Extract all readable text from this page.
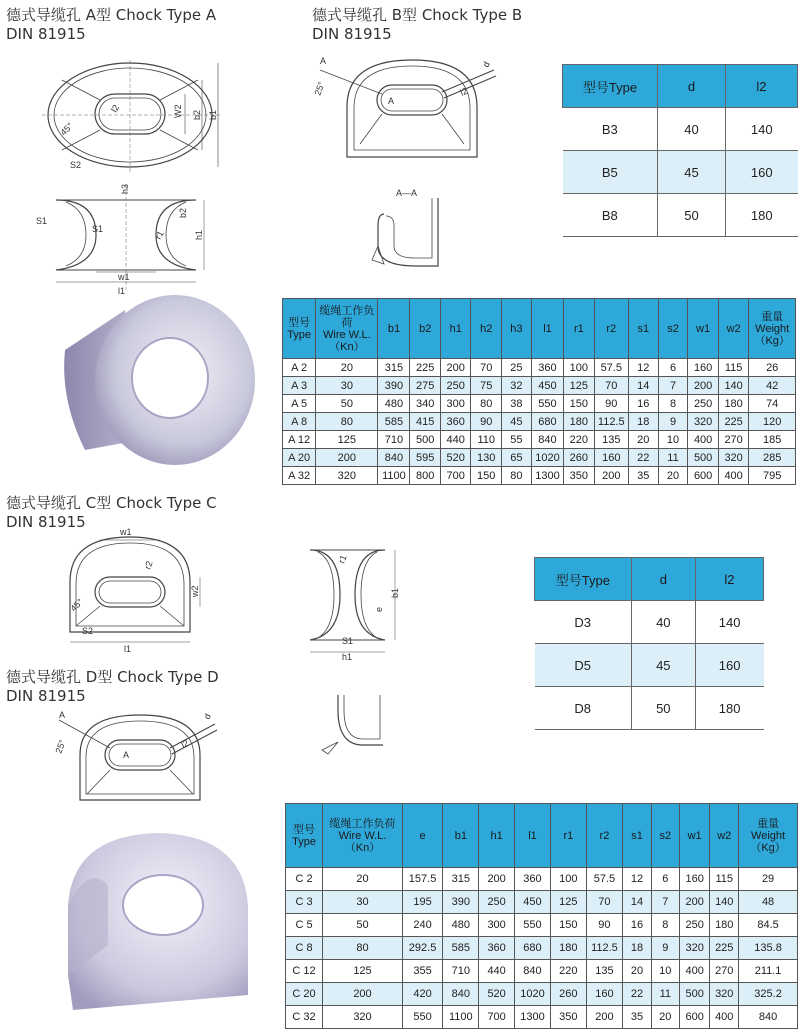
德式导缆孔 A型 Chock Type A
DIN 81915
德式导缆孔 B型 Chock Type B
DIN 81915
德式导缆孔 C型 Chock Type C
DIN 81915
德式导缆孔 D型 Chock Type D
DIN 81915
l2	W2 b2 b1
45°
S2
h3
b2
S1
S1
r1	h1
w1
l1
A
25°
A
l2
d
A—A
w1
r2
45°
w2
S2
l1
r1
e
b1
S1
h1
A
25°
A
l2
d
型号Type	d	l2
B3	40	140
B5	45	160
B8	50	180
型号Type	d	l2
D3	40	140
D5	45	160
D8	50	180
型号
Type	缆绳工作负荷
Wire W.L.
（Kn）	b1	b2	h1	h2	h3	l1	r1	r2	s1	s2	w1	w2	重量
Weight
（Kg）
A 2	20	315	225	200	70	25	360	100	57.5	12	6	160	115	26
A 3	30	390	275	250	75	32	450	125	70	14	7	200	140	42
A 5	50	480	340	300	80	38	550	150	90	16	8	250	180	74
A 8	80	585	415	360	90	45	680	180	112.5	18	9	320	225	120
A 12	125	710	500	440	110	55	840	220	135	20	10	400	270	185
A 20	200	840	595	520	130	65	1020	260	160	22	11	500	320	285
A 32	320	1100	800	700	150	80	1300	350	200	35	20	600	400	795
型号
Type	缆绳工作负荷
Wire W.L.
（Kn）	e	b1	h1	l1	r1	r2	s1	s2	w1	w2	重量
Weight
（Kg）
C 2	20	157.5	315	200	360	100	57.5	12	6	160	115	29
C 3	30	195	390	250	450	125	70	14	7	200	140	48
C 5	50	240	480	300	550	150	90	16	8	250	180	84.5
C 8	80	292.5	585	360	680	180	112.5	18	9	320	225	135.8
C 12	125	355	710	440	840	220	135	20	10	400	270	211.1
C 20	200	420	840	520	1020	260	160	22	11	500	320	325.2
C 32	320	550	1100	700	1300	350	200	35	20	600	400	840
